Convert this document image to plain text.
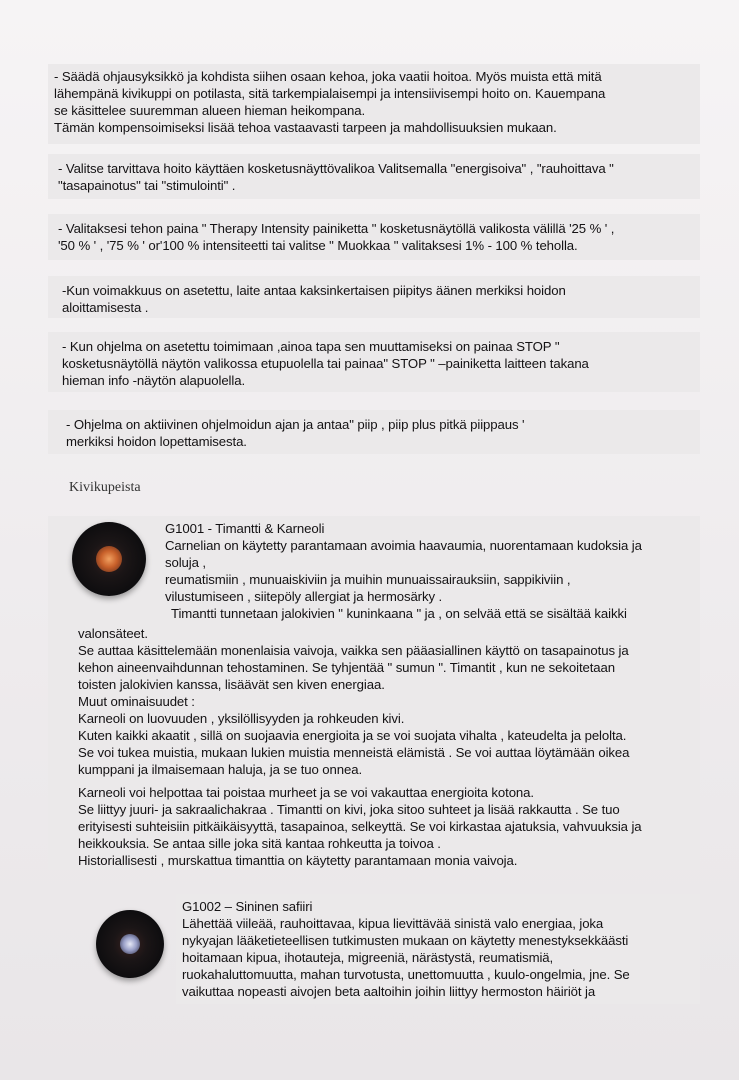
- Säädä ohjausyksikkö ja kohdista siihen osaan kehoa, joka vaatii hoitoa. Myös muista että mitä
lähempänä kivikuppi on potilasta, sitä tarkempialaisempi ja intensiivisempi hoito on. Kauempana
se käsittelee suuremman alueen hieman heikompana.
Tämän kompensoimiseksi lisää tehoa vastaavasti tarpeen ja mahdollisuuksien mukaan.
- Valitse tarvittava hoito käyttäen kosketusnäyttövalikoa Valitsemalla "energisoiva" , "rauhoittava "
"tasapainotus" tai "stimulointi" .
- Valitaksesi tehon paina " Therapy Intensity painiketta " kosketusnäytöllä valikosta välillä '25 % ' ,
'50 % ' , '75 % ' or'100 % intensiteetti tai valitse " Muokkaa " valitaksesi 1% - 100 % teholla.
-Kun voimakkuus on asetettu, laite antaa kaksinkertaisen piipitys äänen merkiksi hoidon
aloittamisesta .
- Kun ohjelma on asetettu toimimaan ,ainoa tapa sen muuttamiseksi on painaa STOP "
kosketusnäytöllä näytön valikossa etupuolella tai painaa" STOP " –painiketta laitteen takana
hieman info -näytön alapuolella.
- Ohjelma on aktiivinen ohjelmoidun ajan ja antaa" piip , piip plus pitkä piippaus '
merkiksi hoidon lopettamisesta.
Kivikupeista
G1001 - Timantti & Karneoli
Carnelian on käytetty parantamaan avoimia haavaumia, nuorentamaan kudoksia ja
soluja ,
reumatismiin , munuaiskiviin ja muihin munuaissairauksiin, sappikiviin ,
vilustumiseen , siitepöly allergiat ja hermosärky .
Timantti tunnetaan jalokivien " kuninkaana " ja , on selvää että se sisältää kaikki
valonsäteet.
Se auttaa käsittelemään monenlaisia vaivoja, vaikka sen pääasiallinen käyttö on tasapainotus ja
kehon aineenvaihdunnan tehostaminen. Se tyhjentää " sumun ". Timantit , kun ne sekoitetaan
toisten jalokivien kanssa, lisäävät sen kiven energiaa.
Muut ominaisuudet :
Karneoli on luovuuden , yksilöllisyyden ja rohkeuden kivi.
Kuten kaikki akaatit , sillä on suojaavia energioita ja se voi suojata vihalta , kateudelta ja pelolta.
Se voi tukea muistia, mukaan lukien muistia menneistä elämistä . Se voi auttaa löytämään oikea
kumppani ja ilmaisemaan haluja, ja se tuo onnea.
Karneoli voi helpottaa tai poistaa murheet ja se voi vakauttaa energioita kotona.
Se liittyy juuri- ja sakraalichakraa . Timantti on kivi, joka sitoo suhteet ja lisää rakkautta . Se tuo
erityisesti suhteisiin pitkäikäisyyttä, tasapainoa, selkeyttä. Se voi kirkastaa ajatuksia, vahvuuksia ja
heikkouksia. Se antaa sille joka sitä kantaa rohkeutta ja toivoa .
Historiallisesti , murskattua timanttia on käytetty parantamaan monia vaivoja.
G1002 – Sininen safiiri
Lähettää viileää, rauhoittavaa, kipua lievittävää sinistä valo energiaa, joka
nykyajan lääketieteellisen tutkimusten mukaan on käytetty menestyksekkäästi
hoitamaan kipua, ihotauteja, migreeniä, närästystä, reumatismiä,
ruokahaluttomuutta, mahan turvotusta, unettomuutta , kuulo-ongelmia, jne. Se
vaikuttaa nopeasti aivojen beta aaltoihin joihin liittyy hermoston häiriöt ja
